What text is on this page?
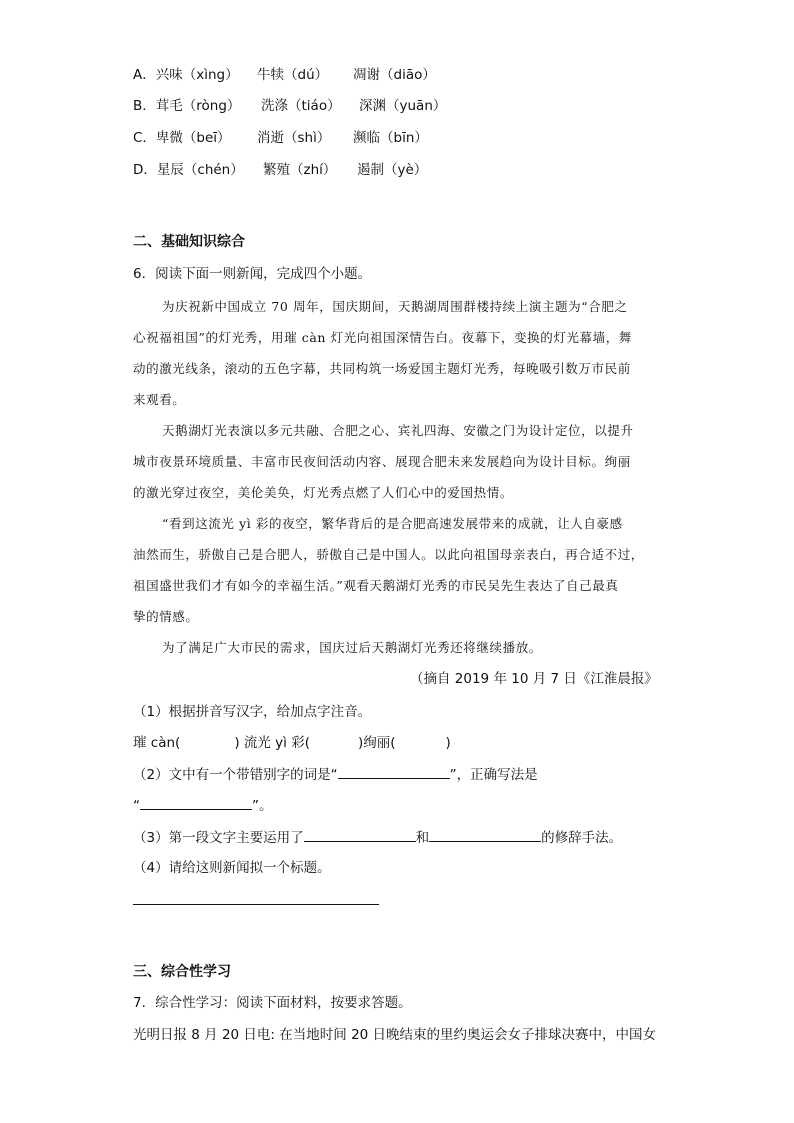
A．兴味（xìng） 牛犊（dú） 凋谢（diāo）
B．茸毛（ròng） 洗涤（tiáo） 深渊（yuān）
C．卑微（beī） 消逝（shì） 濒临（bīn）
D．星辰（chén） 繁殖（zhí） 遏制（yè）
二、基础知识综合
6．阅读下面一则新闻，完成四个小题。
为庆祝新中国成立 70 周年，国庆期间，天鹅湖周围群楼持续上演主题为“合肥之
心祝福祖国”的灯光秀，用璀 càn 灯光向祖国深情告白。夜幕下，变换的灯光幕墙，舞
动的激光线条，滚动的五色字幕，共同构筑一场爱国主题灯光秀，每晚吸引数万市民前
来观看。
天鹅湖灯光表演以多元共融、合肥之心、宾礼四海、安徽之门为设计定位，以提升
城市夜景环境质量、丰富市民夜间活动内容、展现合肥未来发展趋向为设计目标。绚丽
的激光穿过夜空，美伦美奂，灯光秀点燃了人们心中的爱国热情。
“看到这流光 yì 彩的夜空，繁华背后的是合肥高速发展带来的成就，让人自豪感
油然而生，骄傲自己是合肥人，骄傲自己是中国人。以此向祖国母亲表白，再合适不过，
祖国盛世我们才有如今的幸福生活。”观看天鹅湖灯光秀的市民吴先生表达了自己最真
挚的情感。
为了满足广大市民的需求，国庆过后天鹅湖灯光秀还将继续播放。
（摘自 2019 年 10 月 7 日《江淮晨报》
（1）根据拼音写汉字，给加点字注音。
璀 càn(	) 流光 yì 彩(	)绚丽(	)
（2）文中有一个带错别字的词是“	”，正确写法是
“	”。
（3）第一段文字主要运用了	和	的修辞手法。
（4）请给这则新闻拟一个标题。
三、综合性学习
7．综合性学习：阅读下面材料，按要求答题。
光明日报 8 月 20 日电: 在当地时间 20 日晚结束的里约奥运会女子排球决赛中，中国女
